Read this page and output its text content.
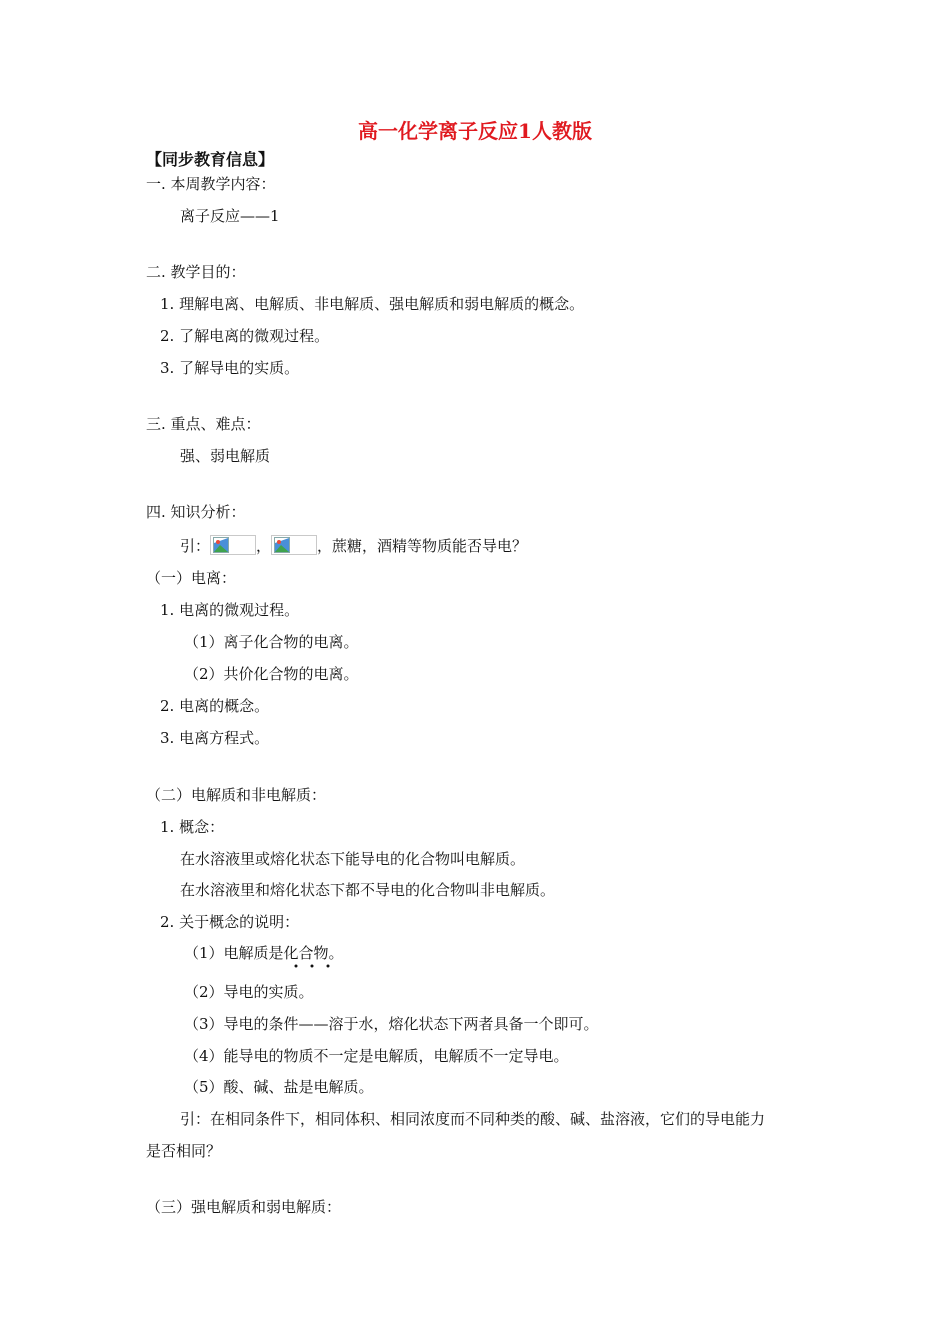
高一化学离子反应1人教版
【同步教育信息】
一. 本周教学内容：
离子反应——1
二. 教学目的：
1. 理解电离、电解质、非电解质、强电解质和弱电解质的概念。
2. 了解电离的微观过程。
3. 了解导电的实质。
三. 重点、难点：
强、弱电解质
四. 知识分析：
引：	，	，蔗糖，酒精等物质能否导电？
（一）电离：
1. 电离的微观过程。
（1）离子化合物的电离。
（2）共价化合物的电离。
2. 电离的概念。
3. 电离方程式。
（二）电解质和非电解质：
1. 概念：
在水溶液里或熔化状态下能导电的化合物叫电解质。
在水溶液里和熔化状态下都不导电的化合物叫非电解质。
2. 关于概念的说明：
（1）电解质是化合物。
（2）导电的实质。
（3）导电的条件——溶于水，熔化状态下两者具备一个即可。
（4）能导电的物质不一定是电解质，电解质不一定导电。
（5）酸、碱、盐是电解质。
引：在相同条件下，相同体积、相同浓度而不同种类的酸、碱、盐溶液，它们的导电能力
是否相同？
（三）强电解质和弱电解质：
